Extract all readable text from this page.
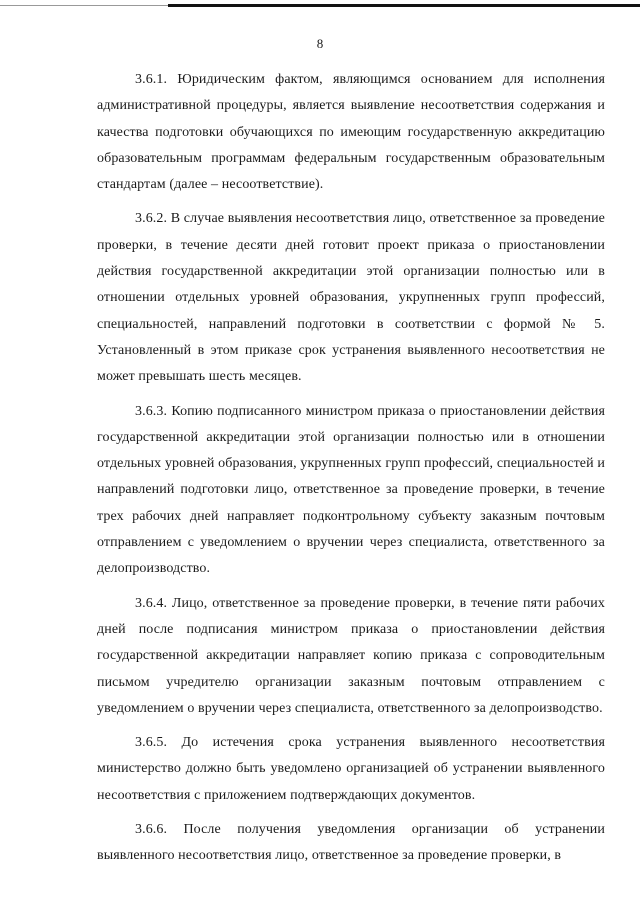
8

3.6.1. Юридическим фактом, являющимся основанием для исполнения административной процедуры, является выявление несоответствия содержания и качества подготовки обучающихся по имеющим государственную аккредитацию образовательным программам федеральным государственным образовательным стандартам (далее – несоответствие).

3.6.2. В случае выявления несоответствия лицо, ответственное за проведение проверки, в течение десяти дней готовит проект приказа о приостановлении действия государственной аккредитации этой организации полностью или в отношении отдельных уровней образования, укрупненных групп профессий, специальностей, направлений подготовки в соответствии с формой № 5. Установленный в этом приказе срок устранения выявленного несоответствия не может превышать шесть месяцев.

3.6.3. Копию подписанного министром приказа о приостановлении действия государственной аккредитации этой организации полностью или в отношении отдельных уровней образования, укрупненных групп профессий, специальностей и направлений подготовки лицо, ответственное за проведение проверки, в течение трех рабочих дней направляет подконтрольному субъекту заказным почтовым отправлением с уведомлением о вручении через специалиста, ответственного за делопроизводство.

3.6.4. Лицо, ответственное за проведение проверки, в течение пяти рабочих дней после подписания министром приказа о приостановлении действия государственной аккредитации направляет копию приказа с сопроводительным письмом учредителю организации заказным почтовым отправлением с уведомлением о вручении через специалиста, ответственного за делопроизводство.

3.6.5. До истечения срока устранения выявленного несоответствия министерство должно быть уведомлено организацией об устранении выявленного несоответствия с приложением подтверждающих документов.

3.6.6. После получения уведомления организации об устранении выявленного несоответствия лицо, ответственное за проведение проверки, в
